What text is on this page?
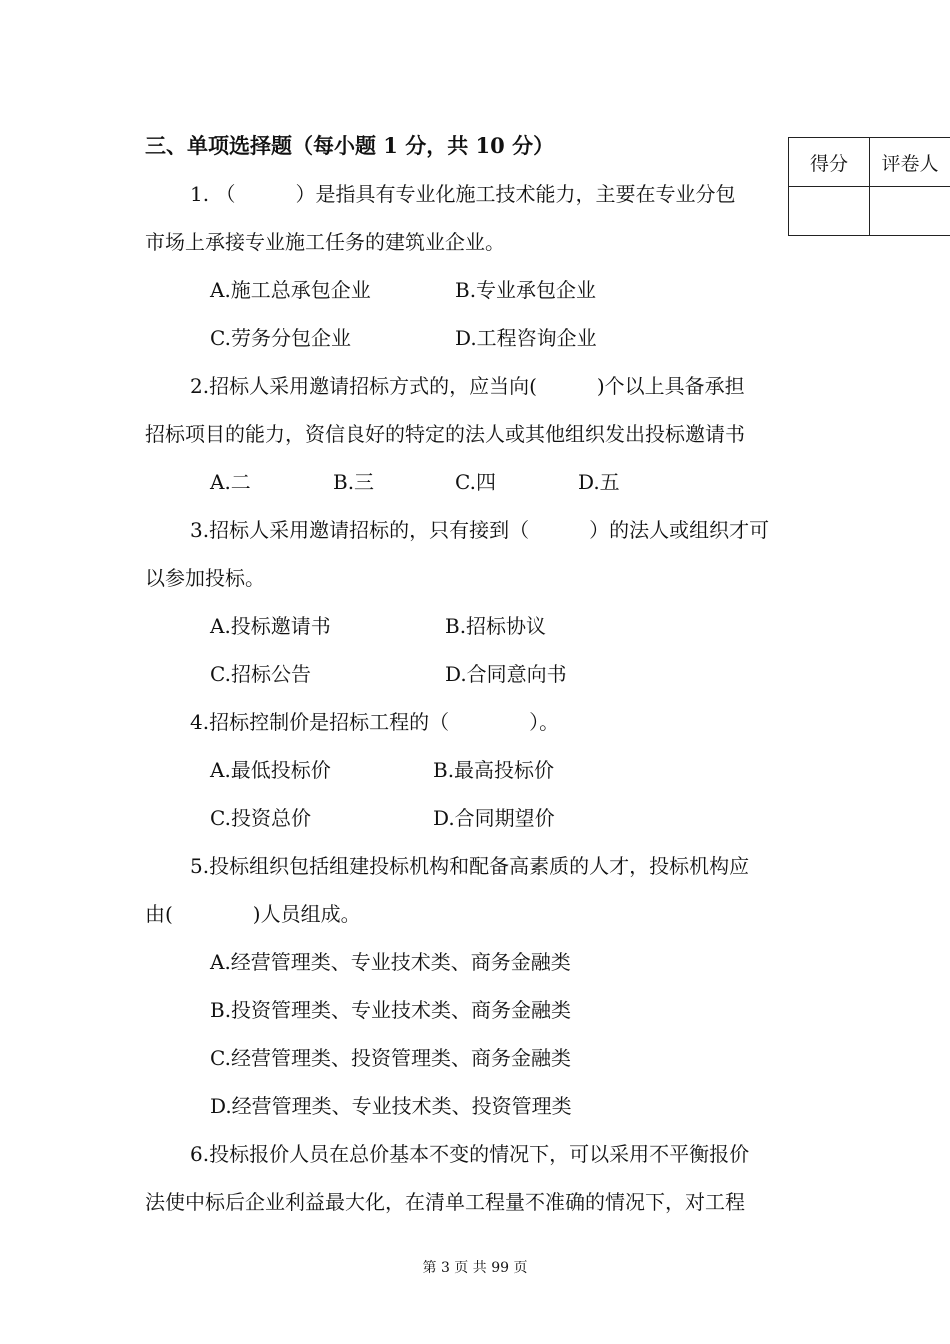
三、单项选择题（每小题 1 分，共 10 分）

得分	评卷人

1. （　　　）是指具有专业化施工技术能力，主要在专业分包

市场上承接专业施工任务的建筑业企业。

A.施工总承包企业	B.专业承包企业

C.劳务分包企业	D.工程咨询企业

2.招标人采用邀请招标方式的，应当向(　　　)个以上具备承担

招标项目的能力，资信良好的特定的法人或其他组织发出投标邀请书

A.二	B.三	C.四	D.五

3.招标人采用邀请招标的，只有接到（　　　）的法人或组织才可

以参加投标。

A.投标邀请书	B.招标协议

C.招标公告	D.合同意向书

4.招标控制价是招标工程的（　　　　）。

A.最低投标价	B.最高投标价

C.投资总价	D.合同期望价

5.投标组织包括组建投标机构和配备高素质的人才，投标机构应

由(　　　　)人员组成。

A.经营管理类、专业技术类、商务金融类

B.投资管理类、专业技术类、商务金融类

C.经营管理类、投资管理类、商务金融类

D.经营管理类、专业技术类、投资管理类

6.投标报价人员在总价基本不变的情况下，可以采用不平衡报价

法使中标后企业利益最大化，在清单工程量不准确的情况下，对工程

第 3 页 共 99 页
